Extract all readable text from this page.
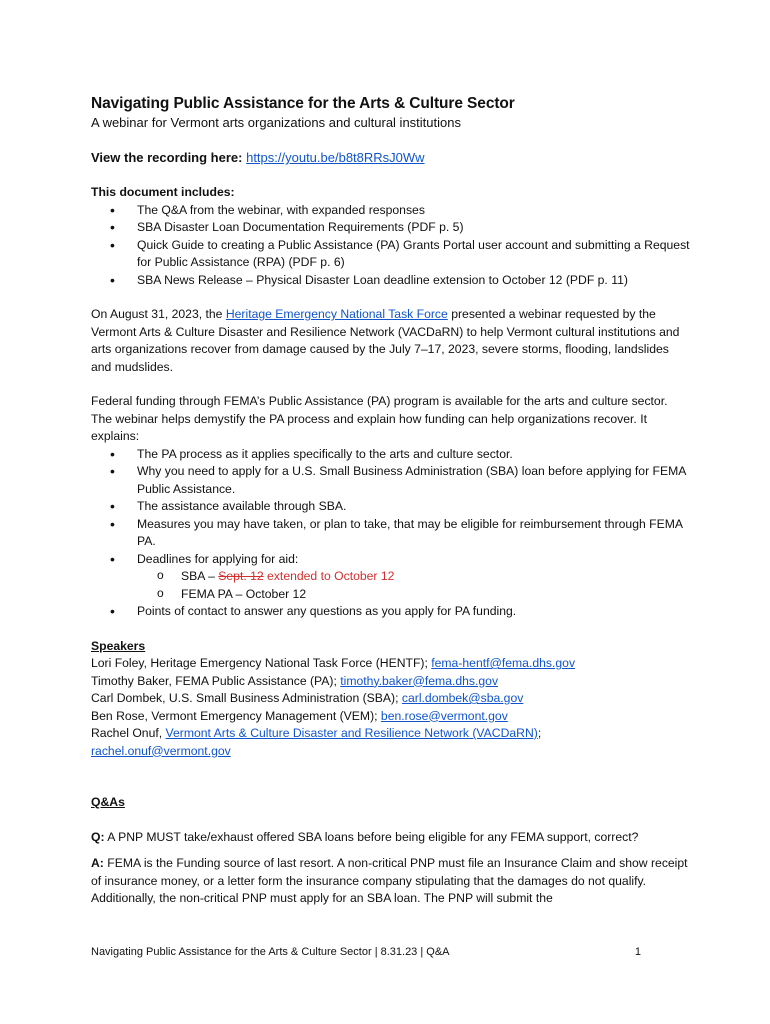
Navigating Public Assistance for the Arts & Culture Sector

A webinar for Vermont arts organizations and cultural institutions

View the recording here: https://youtu.be/b8t8RRsJ0Ww

This document includes:

• The Q&A from the webinar, with expanded responses
• SBA Disaster Loan Documentation Requirements (PDF p. 5)
• Quick Guide to creating a Public Assistance (PA) Grants Portal user account and submitting a Request for Public Assistance (RPA) (PDF p. 6)
• SBA News Release – Physical Disaster Loan deadline extension to October 12 (PDF p. 11)

On August 31, 2023, the Heritage Emergency National Task Force presented a webinar requested by the Vermont Arts & Culture Disaster and Resilience Network (VACDaRN) to help Vermont cultural institutions and arts organizations recover from damage caused by the July 7–17, 2023, severe storms, flooding, landslides and mudslides.

Federal funding through FEMA’s Public Assistance (PA) program is available for the arts and culture sector. The webinar helps demystify the PA process and explain how funding can help organizations recover. It explains:

• The PA process as it applies specifically to the arts and culture sector.
• Why you need to apply for a U.S. Small Business Administration (SBA) loan before applying for FEMA Public Assistance.
• The assistance available through SBA.
• Measures you may have taken, or plan to take, that may be eligible for reimbursement through FEMA PA.
• Deadlines for applying for aid:
o SBA – Sept. 12 extended to October 12
o FEMA PA – October 12
• Points of contact to answer any questions as you apply for PA funding.

Speakers

Lori Foley, Heritage Emergency National Task Force (HENTF); fema-hentf@fema.dhs.gov

Timothy Baker, FEMA Public Assistance (PA); timothy.baker@fema.dhs.gov

Carl Dombek, U.S. Small Business Administration (SBA); carl.dombek@sba.gov

Ben Rose, Vermont Emergency Management (VEM); ben.rose@vermont.gov

Rachel Onuf, Vermont Arts & Culture Disaster and Resilience Network (VACDaRN);

rachel.onuf@vermont.gov

Q&As

Q: A PNP MUST take/exhaust offered SBA loans before being eligible for any FEMA support, correct?

A: FEMA is the Funding source of last resort. A non-critical PNP must file an Insurance Claim and show receipt of insurance money, or a letter form the insurance company stipulating that the damages do not qualify. Additionally, the non-critical PNP must apply for an SBA loan. The PNP will submit the

Navigating Public Assistance for the Arts & Culture Sector | 8.31.23 | Q&A	1
